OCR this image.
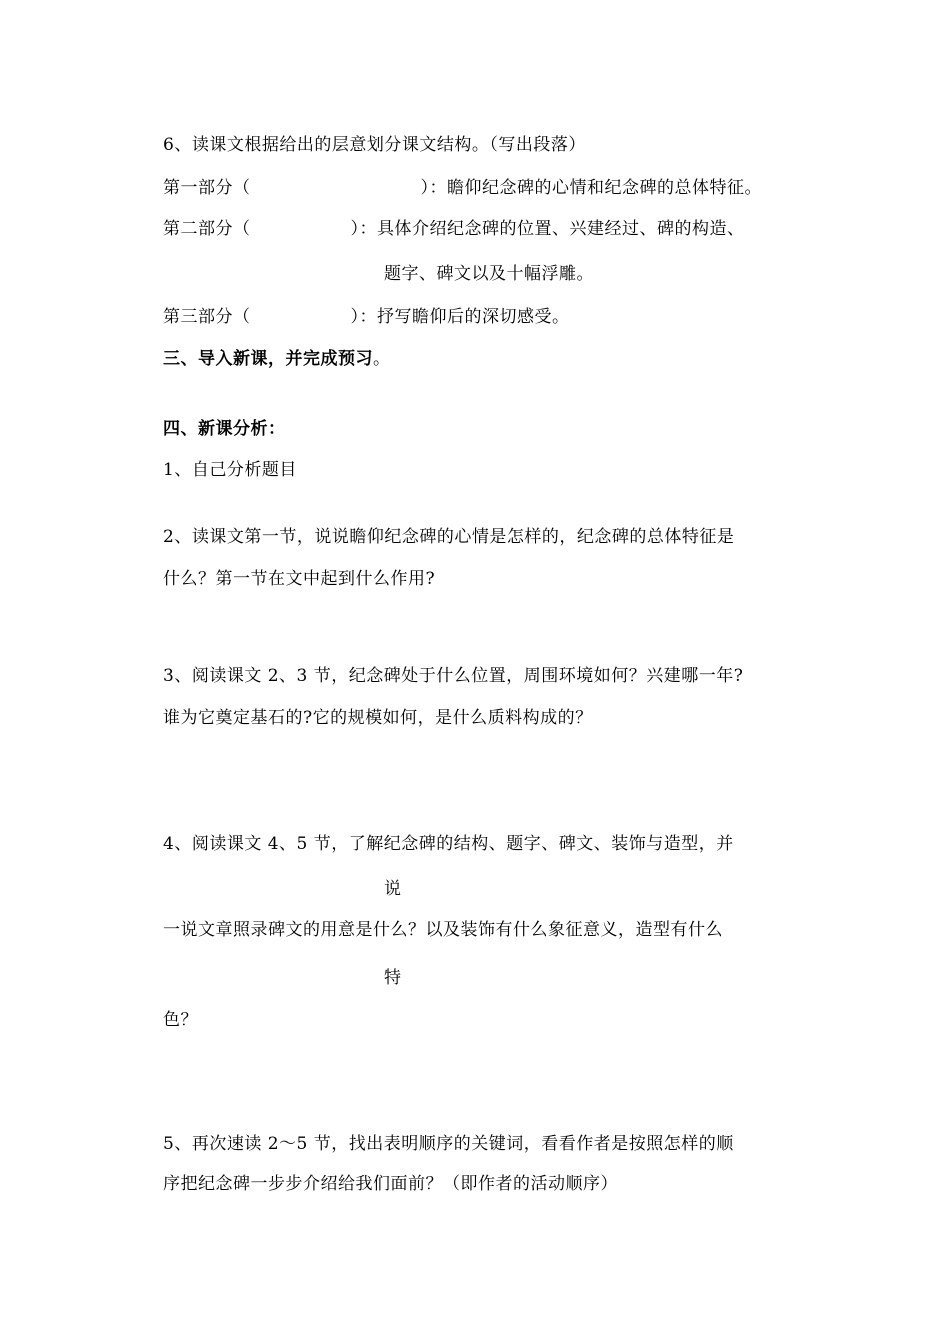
6、读课文根据给出的层意划分课文结构。（写出段落）
第一部分（	）：瞻仰纪念碑的心情和纪念碑的总体特征。
第二部分（	）：具体介绍纪念碑的位置、兴建经过、碑的构造、
题字、碑文以及十幅浮雕。
第三部分（	）：抒写瞻仰后的深切感受。
三、导入新课，并完成预习。
四、新课分析：
1、自己分析题目
2、读课文第一节，说说瞻仰纪念碑的心情是怎样的，纪念碑的总体特征是
什么？第一节在文中起到什么作用?
3、阅读课文 2、3 节，纪念碑处于什么位置，周围环境如何？兴建哪一年?
谁为它奠定基石的?它的规模如何，是什么质料构成的？
4、阅读课文 4、5 节，了解纪念碑的结构、题字、碑文、装饰与造型，并
说
一说文章照录碑文的用意是什么？以及装饰有什么象征意义，造型有什么
特
色？
5、再次速读 2～5 节，找出表明顺序的关键词，看看作者是按照怎样的顺
序把纪念碑一步步介绍给我们面前？（即作者的活动顺序）
